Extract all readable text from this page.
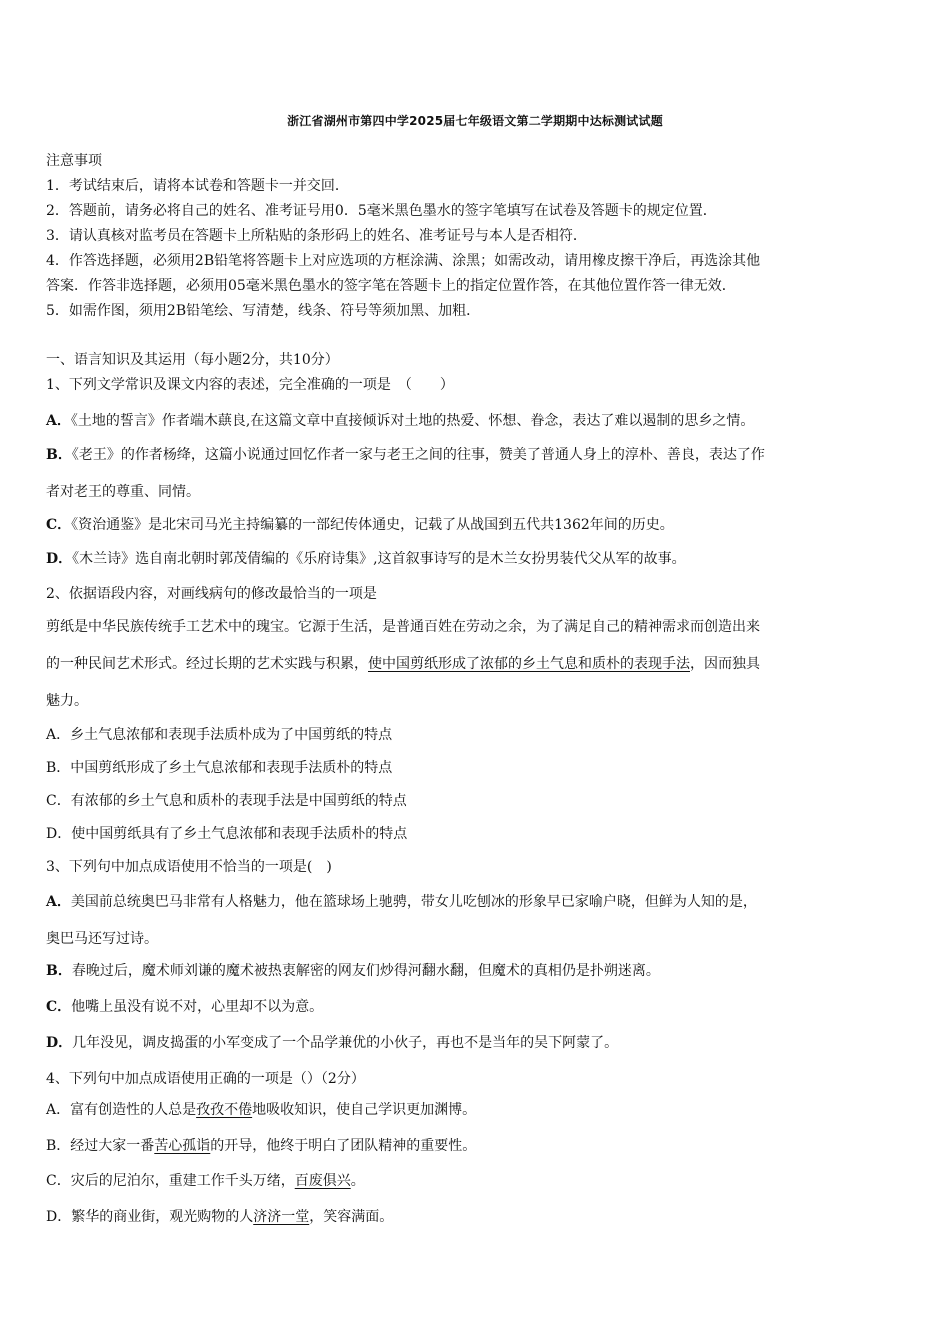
浙江省湖州市第四中学2025届七年级语文第二学期期中达标测试试题
注意事项
1．考试结束后，请将本试卷和答题卡一并交回．
2．答题前，请务必将自己的姓名、准考证号用0．5毫米黑色墨水的签字笔填写在试卷及答题卡的规定位置．
3．请认真核对监考员在答题卡上所粘贴的条形码上的姓名、准考证号与本人是否相符．
4．作答选择题，必须用2B铅笔将答题卡上对应选项的方框涂满、涂黑；如需改动，请用橡皮擦干净后，再选涂其他
答案．作答非选择题，必须用05毫米黑色墨水的签字笔在答题卡上的指定位置作答，在其他位置作答一律无效．
5．如需作图，须用2B铅笔绘、写清楚，线条、符号等须加黑、加粗．
一、语言知识及其运用（每小题2分，共10分）
1、下列文学常识及课文内容的表述，完全准确的一项是　（　　）
A．《土地的誓言》作者端木蕻良,在这篇文章中直接倾诉对土地的热爱、怀想、眷念，表达了难以遏制的思乡之情。
B．《老王》的作者杨绛，这篇小说通过回忆作者一家与老王之间的往事，赞美了普通人身上的淳朴、善良，表达了作
者对老王的尊重、同情。
C．《资治通鉴》是北宋司马光主持编纂的一部纪传体通史，记载了从战国到五代共1362年间的历史。
D．《木兰诗》选自南北朝时郭茂倩编的《乐府诗集》,这首叙事诗写的是木兰女扮男装代父从军的故事。
2、依据语段内容，对画线病句的修改最恰当的一项是
剪纸是中华民族传统手工艺术中的瑰宝。它源于生活，是普通百姓在劳动之余，为了满足自己的精神需求而创造出来
的一种民间艺术形式。经过长期的艺术实践与积累，使中国剪纸形成了浓郁的乡土气息和质朴的表现手法，因而独具
魅力。
A．乡土气息浓郁和表现手法质朴成为了中国剪纸的特点
B．中国剪纸形成了乡土气息浓郁和表现手法质朴的特点
C．有浓郁的乡土气息和质朴的表现手法是中国剪纸的特点
D．使中国剪纸具有了乡土气息浓郁和表现手法质朴的特点
3、下列句中加点成语使用不恰当的一项是(　)
A．美国前总统奥巴马非常有人格魅力，他在篮球场上驰骋，带女儿吃刨冰的形象早已家喻户晓，但鲜为人知的是，
奥巴马还写过诗。
B．春晚过后，魔术师刘谦的魔术被热衷解密的网友们炒得河翻水翻，但魔术的真相仍是扑朔迷离。
C．他嘴上虽没有说不对，心里却不以为意。
D．几年没见，调皮捣蛋的小军变成了一个品学兼优的小伙子，再也不是当年的吴下阿蒙了。
4、下列句中加点成语使用正确的一项是（）（2分）
A．富有创造性的人总是孜孜不倦地吸收知识，使自己学识更加渊博。
B．经过大家一番苦心孤诣的开导，他终于明白了团队精神的重要性。
C．灾后的尼泊尔，重建工作千头万绪，百废俱兴。
D．繁华的商业街，观光购物的人济济一堂，笑容满面。
